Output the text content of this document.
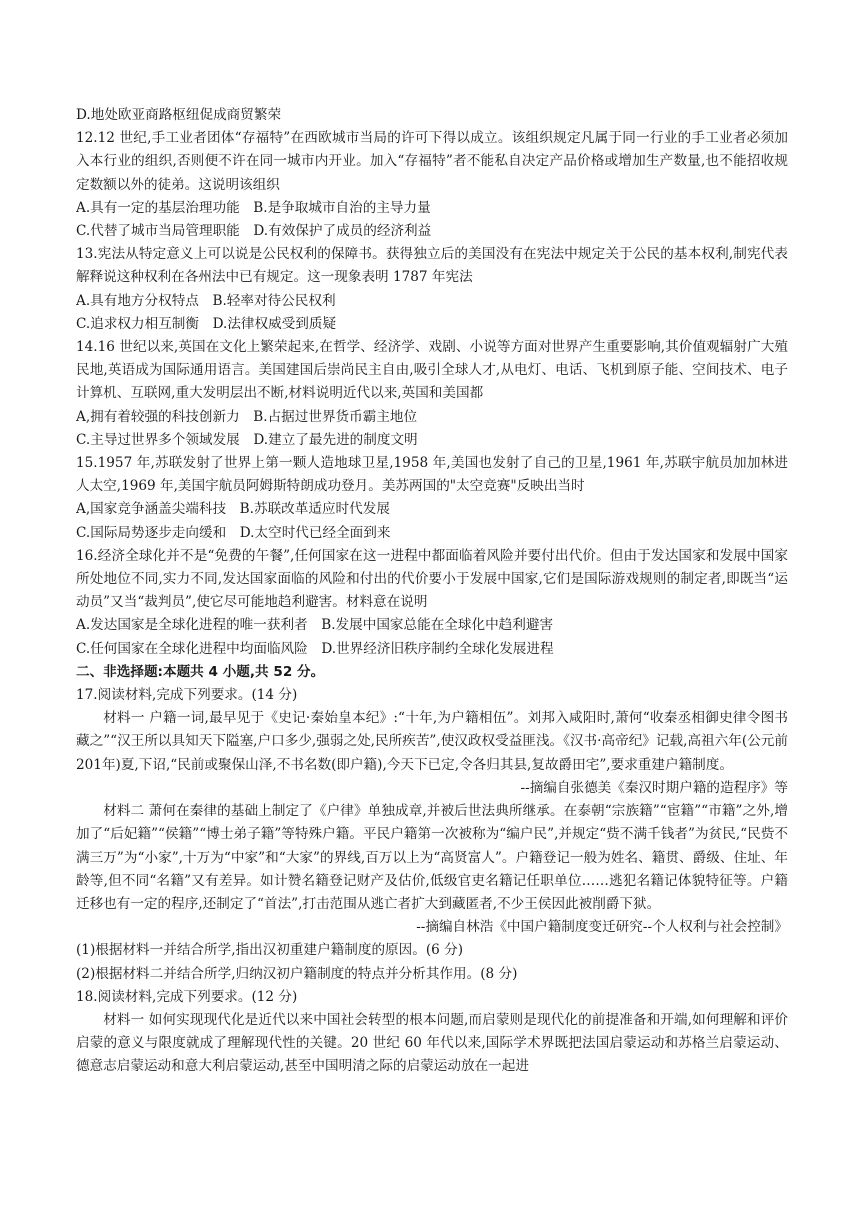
D.地处欧亚商路枢纽促成商贸繁荣
12.12 世纪,手工业者团体“存福特”在西欧城市当局的许可下得以成立。该组织规定凡属于同一行业的手工业者必须加入本行业的组织,否则便不许在同一城市内开业。加入“存福特”者不能私自决定产品价格或增加生产数量,也不能招收规定数额以外的徒弟。这说明该组织
A.具有一定的基层治理功能　B.是争取城市自治的主导力量
C.代替了城市当局管理职能　D.有效保护了成员的经济利益
13.宪法从特定意义上可以说是公民权利的保障书。获得独立后的美国没有在宪法中规定关于公民的基本权利,制宪代表解释说这种权利在各州法中已有规定。这一现象表明 1787 年宪法
A.具有地方分权特点　B.轻率对待公民权利
C.追求权力相互制衡　D.法律权威受到质疑
14.16 世纪以来,英国在文化上繁荣起来,在哲学、经济学、戏剧、小说等方面对世界产生重要影响,其价值观辐射广大殖民地,英语成为国际通用语言。美国建国后崇尚民主自由,吸引全球人才,从电灯、电话、飞机到原子能、空间技术、电子计算机、互联网,重大发明层出不断,材料说明近代以来,英国和美国都
A,拥有着较强的科技创新力　B.占据过世界货币霸主地位
C.主导过世界多个领域发展　D.建立了最先进的制度文明
15.1957 年,苏联发射了世界上第一颗人造地球卫星,1958 年,美国也发射了自己的卫星,1961 年,苏联宇航员加加林进人太空,1969 年,美国宇航员阿姆斯特朗成功登月。美苏两国的"太空竞赛"反映出当时
A,国家竞争涵盖尖端科技　B.苏联改革适应时代发展
C.国际局势逐步走向缓和　D.太空时代已经全面到来
16.经济全球化并不是“免费的午餐”,任何国家在这一进程中都面临着风险并要付出代价。但由于发达国家和发展中国家所处地位不同,实力不同,发达国家面临的风险和付出的代价要小于发展中国家,它们是国际游戏规则的制定者,即既当“运动员”又当“裁判员”,使它尽可能地趋利避害。材料意在说明
A.发达国家是全球化进程的唯一获利者　B.发展中国家总能在全球化中趋利避害
C.任何国家在全球化进程中均面临风险　D.世界经济旧秩序制约全球化发展进程
二、非选择题:本题共 4 小题,共 52 分。
17.阅读材料,完成下列要求。(14 分)
材料一 户籍一词,最早见于《史记·秦始皇本纪》:“十年,为户籍相伍”。刘邦入咸阳时,萧何“收秦丞相御史律令图书藏之”“汉王所以具知天下隘塞,户口多少,强弱之处,民所疾苦”,使汉政权受益匪浅。《汉书·高帝纪》记载,高祖六年(公元前 201年)夏,下诏,“民前或聚保山泽,不书名数(即户籍),今天下已定,令各归其县,复故爵田宅”,要求重建户籍制度。
--摘编自张德美《秦汉时期户籍的造程序》等
材料二 萧何在秦律的基础上制定了《户律》单独成章,并被后世法典所继承。在泰朝“宗族籍”“宦籍”“市籍”之外,增加了“后妃籍”“侯籍”“博士弟子籍”等特殊户籍。平民户籍第一次被称为“编户民”,并规定“赀不满千钱者”为贫民,“民赀不满三万”为“小家”,十万为“中家”和“大家”的界线,百万以上为“高贤富人”。户籍登记一般为姓名、籍贯、爵级、住址、年龄等,但不同“名籍”又有差异。如计赞名籍登记财产及估价,低级官吏名籍记任职单位……逃犯名籍记体貌特征等。户籍迁移也有一定的程序,还制定了“首法”,打击范围从逃亡者扩大到藏匿者,不少王侯因此被削爵下狱。
--摘编自林浩《中国户籍制度变迁研究--个人权利与社会控制》
(1)根据材料一并结合所学,指出汉初重建户籍制度的原因。(6 分)
(2)根据材料二并结合所学,归纳汉初户籍制度的特点并分析其作用。(8 分)
18.阅读材料,完成下列要求。(12 分)
材料一 如何实现现代化是近代以来中国社会转型的根本问题,而启蒙则是现代化的前提准备和开端,如何理解和评价启蒙的意义与限度就成了理解现代性的关键。20 世纪 60 年代以来,国际学术界既把法国启蒙运动和苏格兰启蒙运动、德意志启蒙运动和意大利启蒙运动,甚至中国明清之际的启蒙运动放在一起进
